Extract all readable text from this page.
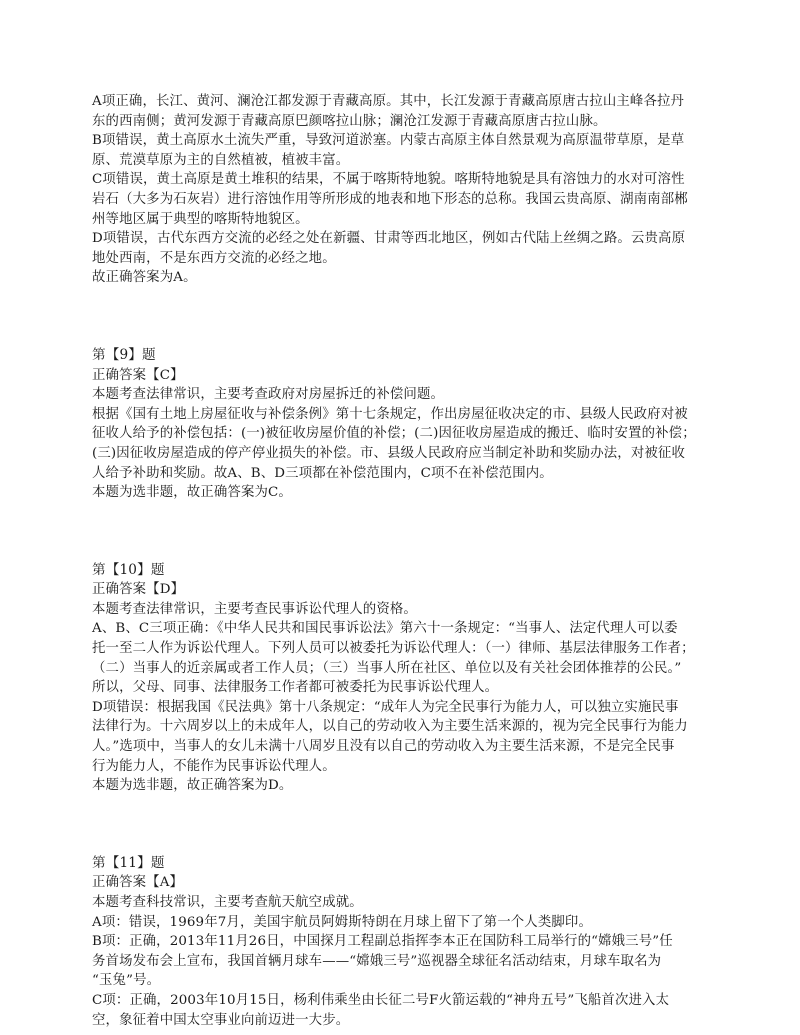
A项正确，长江、黄河、澜沧江都发源于青藏高原。其中，长江发源于青藏高原唐古拉山主峰各拉丹
东的西南侧；黄河发源于青藏高原巴颜喀拉山脉；澜沧江发源于青藏高原唐古拉山脉。
B项错误，黄土高原水土流失严重，导致河道淤塞。内蒙古高原主体自然景观为高原温带草原，是草
原、荒漠草原为主的自然植被，植被丰富。
C项错误，黄土高原是黄土堆积的结果，不属于喀斯特地貌。喀斯特地貌是具有溶蚀力的水对可溶性
岩石（大多为石灰岩）进行溶蚀作用等所形成的地表和地下形态的总称。我国云贵高原、湖南南部郴
州等地区属于典型的喀斯特地貌区。
D项错误，古代东西方交流的必经之处在新疆、甘肃等西北地区，例如古代陆上丝绸之路。云贵高原
地处西南，不是东西方交流的必经之地。
故正确答案为A。
第【9】题
正确答案【C】
本题考查法律常识，主要考查政府对房屋拆迁的补偿问题。
根据《国有土地上房屋征收与补偿条例》第十七条规定，作出房屋征收决定的市、县级人民政府对被
征收人给予的补偿包括：(一)被征收房屋价值的补偿；(二)因征收房屋造成的搬迁、临时安置的补偿；
(三)因征收房屋造成的停产停业损失的补偿。市、县级人民政府应当制定补助和奖励办法，对被征收
人给予补助和奖励。故A、B、D三项都在补偿范围内，C项不在补偿范围内。
本题为选非题，故正确答案为C。
第【10】题
正确答案【D】
本题考查法律常识，主要考查民事诉讼代理人的资格。
A、B、C三项正确：《中华人民共和国民事诉讼法》第六十一条规定：“当事人、法定代理人可以委
托一至二人作为诉讼代理人。下列人员可以被委托为诉讼代理人：（一）律师、基层法律服务工作者；
（二）当事人的近亲属或者工作人员；（三）当事人所在社区、单位以及有关社会团体推荐的公民。”
所以，父母、同事、法律服务工作者都可被委托为民事诉讼代理人。
D项错误：根据我国《民法典》第十八条规定：“成年人为完全民事行为能力人，可以独立实施民事
法律行为。十六周岁以上的未成年人，以自己的劳动收入为主要生活来源的，视为完全民事行为能力
人。”选项中，当事人的女儿未满十八周岁且没有以自己的劳动收入为主要生活来源，不是完全民事
行为能力人，不能作为民事诉讼代理人。
本题为选非题，故正确答案为D。
第【11】题
正确答案【A】
本题考查科技常识，主要考查航天航空成就。
A项：错误，1969年7月，美国宇航员阿姆斯特朗在月球上留下了第一个人类脚印。
B项：正确，2013年11月26日，中国探月工程副总指挥李本正在国防科工局举行的“嫦娥三号”任
务首场发布会上宣布，我国首辆月球车——“嫦娥三号”巡视器全球征名活动结束，月球车取名为
“玉兔”号。
C项：正确，2003年10月15日，杨利伟乘坐由长征二号F火箭运载的“神舟五号”飞船首次进入太
空，象征着中国太空事业向前迈进一大步。
